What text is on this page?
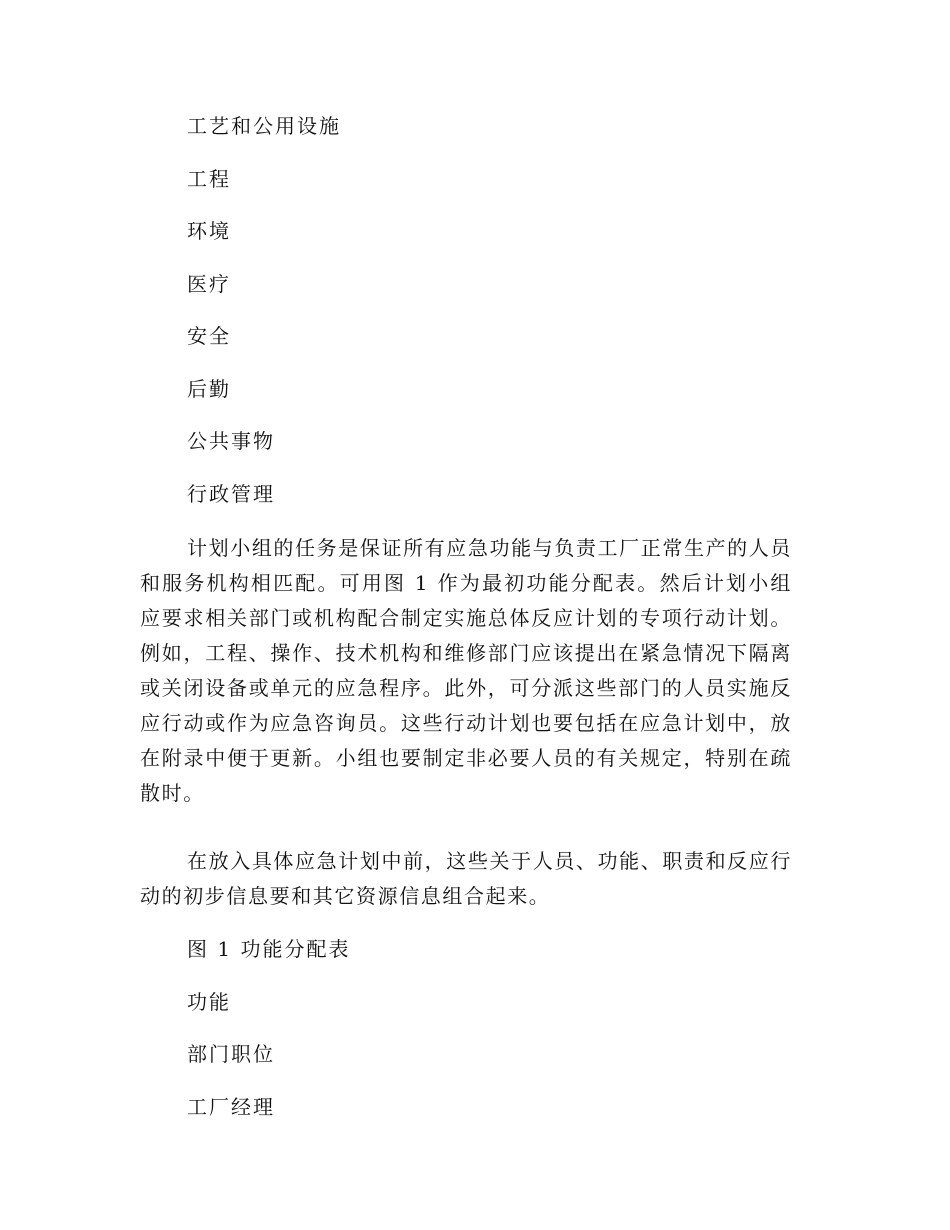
工艺和公用设施

工程

环境

医疗

安全

后勤

公共事物

行政管理

计划小组的任务是保证所有应急功能与负责工厂正常生产的人员和服务机构相匹配。可用图 1 作为最初功能分配表。然后计划小组应要求相关部门或机构配合制定实施总体反应计划的专项行动计划。例如，工程、操作、技术机构和维修部门应该提出在紧急情况下隔离或关闭设备或单元的应急程序。此外，可分派这些部门的人员实施反应行动或作为应急咨询员。这些行动计划也要包括在应急计划中，放在附录中便于更新。小组也要制定非必要人员的有关规定，特别在疏散时。

在放入具体应急计划中前，这些关于人员、功能、职责和反应行动的初步信息要和其它资源信息组合起来。

图 1 功能分配表

功能

部门职位

工厂经理
